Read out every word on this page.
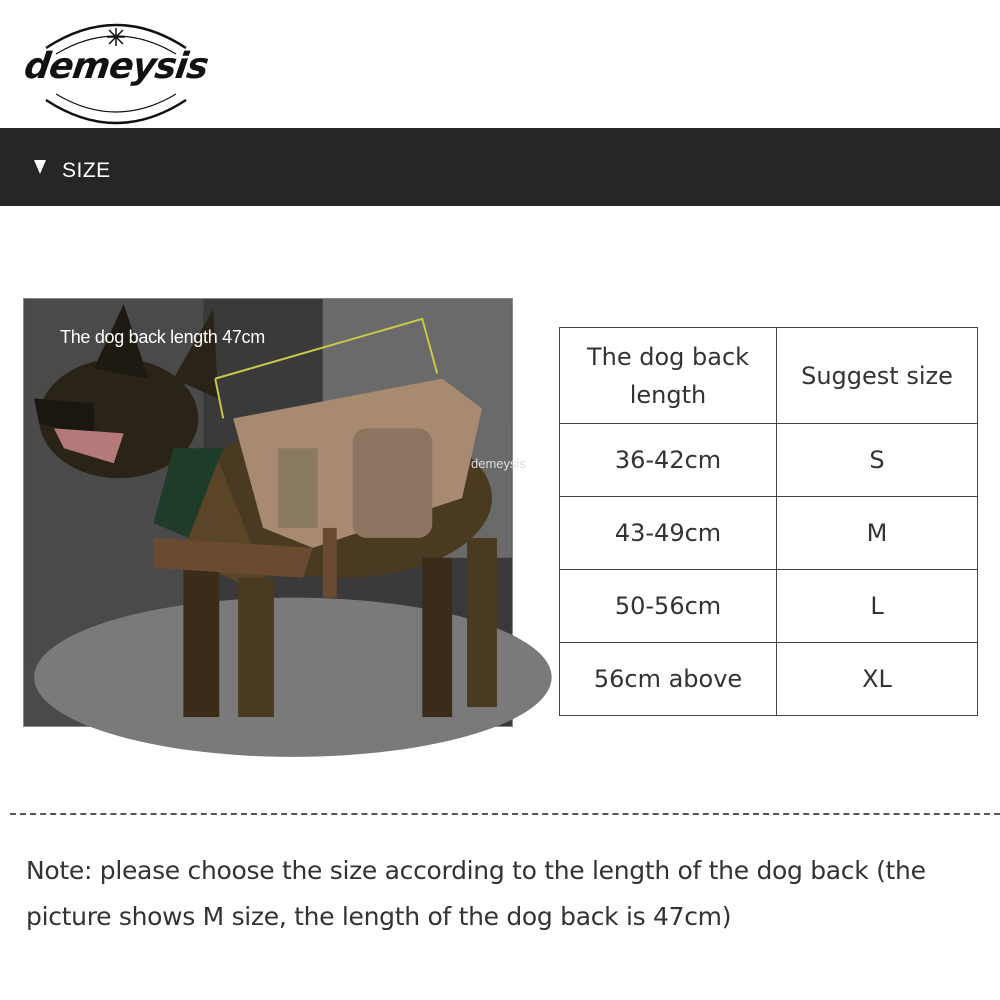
demeysis
SIZE
The dog back length 47cm
demeysis
The dog back length	Suggest size
36-42cm	S
43-49cm	M
50-56cm	L
56cm above	XL
Note: please choose the size according to the length of the dog back (the picture shows M size, the length of the dog back is 47cm)
